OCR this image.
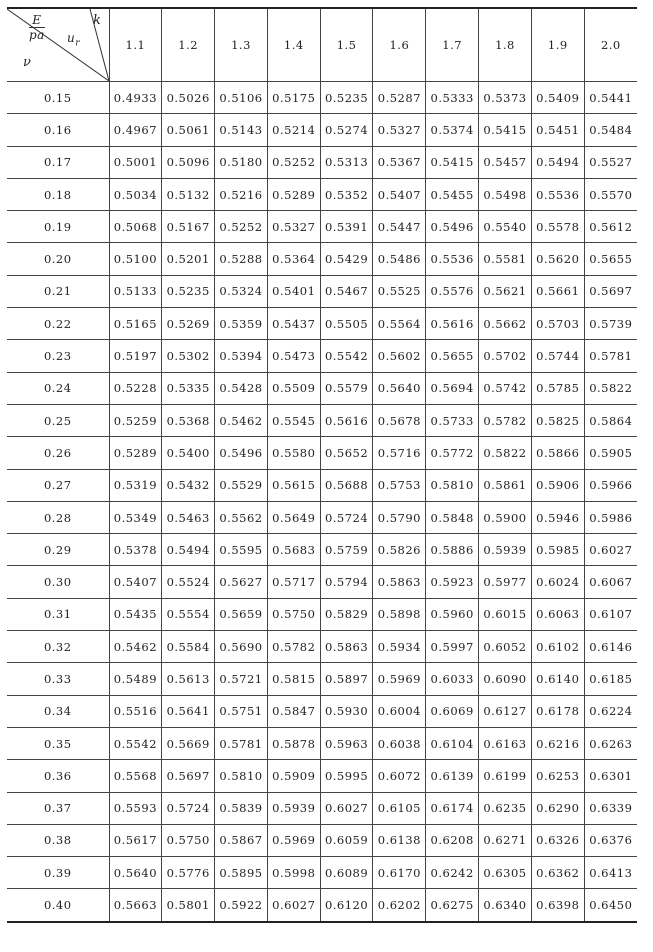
$\frac{E}{pa} u_r$
k
ν	1.1	1.2	1.3	1.4	1.5	1.6	1.7	1.8	1.9	2.0
0.15	0.4933	0.5026	0.5106	0.5175	0.5235	0.5287	0.5333	0.5373	0.5409	0.5441
0.16	0.4967	0.5061	0.5143	0.5214	0.5274	0.5327	0.5374	0.5415	0.5451	0.5484
0.17	0.5001	0.5096	0.5180	0.5252	0.5313	0.5367	0.5415	0.5457	0.5494	0.5527
0.18	0.5034	0.5132	0.5216	0.5289	0.5352	0.5407	0.5455	0.5498	0.5536	0.5570
0.19	0.5068	0.5167	0.5252	0.5327	0.5391	0.5447	0.5496	0.5540	0.5578	0.5612
0.20	0.5100	0.5201	0.5288	0.5364	0.5429	0.5486	0.5536	0.5581	0.5620	0.5655
0.21	0.5133	0.5235	0.5324	0.5401	0.5467	0.5525	0.5576	0.5621	0.5661	0.5697
0.22	0.5165	0.5269	0.5359	0.5437	0.5505	0.5564	0.5616	0.5662	0.5703	0.5739
0.23	0.5197	0.5302	0.5394	0.5473	0.5542	0.5602	0.5655	0.5702	0.5744	0.5781
0.24	0.5228	0.5335	0.5428	0.5509	0.5579	0.5640	0.5694	0.5742	0.5785	0.5822
0.25	0.5259	0.5368	0.5462	0.5545	0.5616	0.5678	0.5733	0.5782	0.5825	0.5864
0.26	0.5289	0.5400	0.5496	0.5580	0.5652	0.5716	0.5772	0.5822	0.5866	0.5905
0.27	0.5319	0.5432	0.5529	0.5615	0.5688	0.5753	0.5810	0.5861	0.5906	0.5966
0.28	0.5349	0.5463	0.5562	0.5649	0.5724	0.5790	0.5848	0.5900	0.5946	0.5986
0.29	0.5378	0.5494	0.5595	0.5683	0.5759	0.5826	0.5886	0.5939	0.5985	0.6027
0.30	0.5407	0.5524	0.5627	0.5717	0.5794	0.5863	0.5923	0.5977	0.6024	0.6067
0.31	0.5435	0.5554	0.5659	0.5750	0.5829	0.5898	0.5960	0.6015	0.6063	0.6107
0.32	0.5462	0.5584	0.5690	0.5782	0.5863	0.5934	0.5997	0.6052	0.6102	0.6146
0.33	0.5489	0.5613	0.5721	0.5815	0.5897	0.5969	0.6033	0.6090	0.6140	0.6185
0.34	0.5516	0.5641	0.5751	0.5847	0.5930	0.6004	0.6069	0.6127	0.6178	0.6224
0.35	0.5542	0.5669	0.5781	0.5878	0.5963	0.6038	0.6104	0.6163	0.6216	0.6263
0.36	0.5568	0.5697	0.5810	0.5909	0.5995	0.6072	0.6139	0.6199	0.6253	0.6301
0.37	0.5593	0.5724	0.5839	0.5939	0.6027	0.6105	0.6174	0.6235	0.6290	0.6339
0.38	0.5617	0.5750	0.5867	0.5969	0.6059	0.6138	0.6208	0.6271	0.6326	0.6376
0.39	0.5640	0.5776	0.5895	0.5998	0.6089	0.6170	0.6242	0.6305	0.6362	0.6413
0.40	0.5663	0.5801	0.5922	0.6027	0.6120	0.6202	0.6275	0.6340	0.6398	0.6450
